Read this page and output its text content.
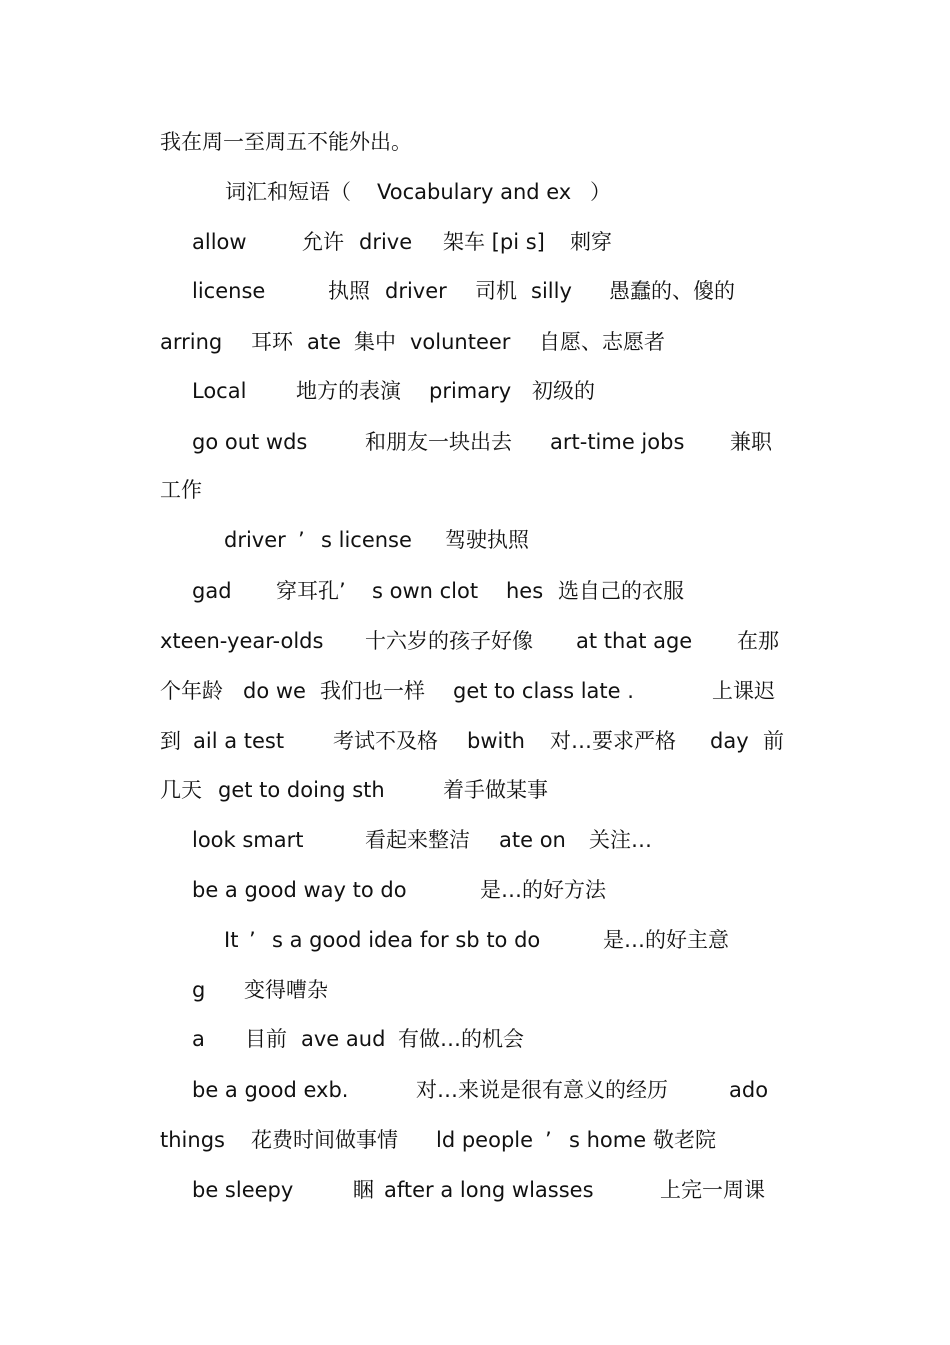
我在周一至周五不能外出。
词汇和短语（ Vocabulary and ex ）
allow	允许 drive 架车 [pi s] 刺穿
license	执照 driver 司机 silly 愚蠢的、傻的
arring 耳环 ate 集中 volunteer 自愿、志愿者
Local 地方的表演 primary 初级的
go out wds	和朋友一块出去 art-time jobs 兼职
工作
driver ’ s license 驾驶执照
gad 穿耳孔’ s own clot hes 选自己的衣服
xteen-year-olds 十六岁的孩子好像 at that age 在那
个年龄 do we 我们也一样 get to class late .	上课迟
到 ail a test 考试不及格 bwith 对…要求严格 day 前
几天 get to doing sth	着手做某事
look smart	看起来整洁 ate on 关注…
be a good way to do	是…的好方法
It ’ s a good idea for sb to do	是…的好主意
g 变得嘈杂
a 目前 ave aud 有做…的机会
be a good exb.	对…来说是很有意义的经历	ado
things 花费时间做事情 ld people ’ s home 敬老院
be sleepy	睏 after a long wlasses	上完一周课
